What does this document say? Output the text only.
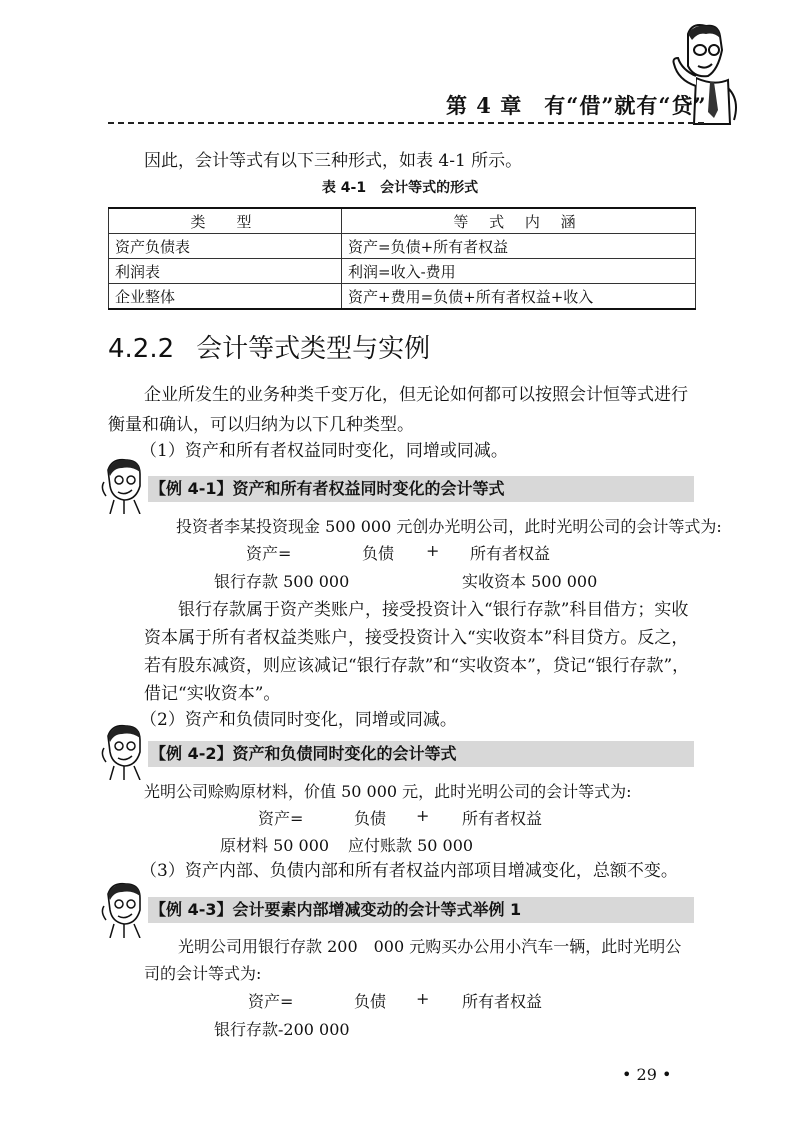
第 4 章　有“借”就有“贷”
因此，会计等式有以下三种形式，如表 4-1 所示。
表 4-1　会计等式的形式
类　型	等 式 内 涵
资产负债表	资产=负债+所有者权益
利润表	利润=收入-费用
企业整体	资产+费用=负债+所有者权益+收入
4.2.2 会计等式类型与实例
企业所发生的业务种类千变万化，但无论如何都可以按照会计恒等式进行
衡量和确认，可以归纳为以下几种类型。
（1）资产和所有者权益同时变化，同增或同减。
【例 4-1】资产和所有者权益同时变化的会计等式
投资者李某投资现金 500 000 元创办光明公司，此时光明公司的会计等式为:
资产=	负债 + 所有者权益
银行存款 500 000	实收资本 500 000
银行存款属于资产类账户，接受投资计入“银行存款”科目借方；实收
资本属于所有者权益类账户，接受投资计入“实收资本”科目贷方。反之，
若有股东减资，则应该减记“银行存款”和“实收资本”，贷记“银行存款”，
借记“实收资本”。
（2）资产和负债同时变化，同增或同减。
【例 4-2】资产和负债同时变化的会计等式
光明公司赊购原材料，价值 50 000 元，此时光明公司的会计等式为:
资产=	负债 + 所有者权益
原材料 50 000 应付账款 50 000
（3）资产内部、负债内部和所有者权益内部项目增减变化，总额不变。
【例 4-3】会计要素内部增减变动的会计等式举例 1
光明公司用银行存款 200　000 元购买办公用小汽车一辆，此时光明公
司的会计等式为:
资产=	负债 + 所有者权益
银行存款-200 000
• 29 •
